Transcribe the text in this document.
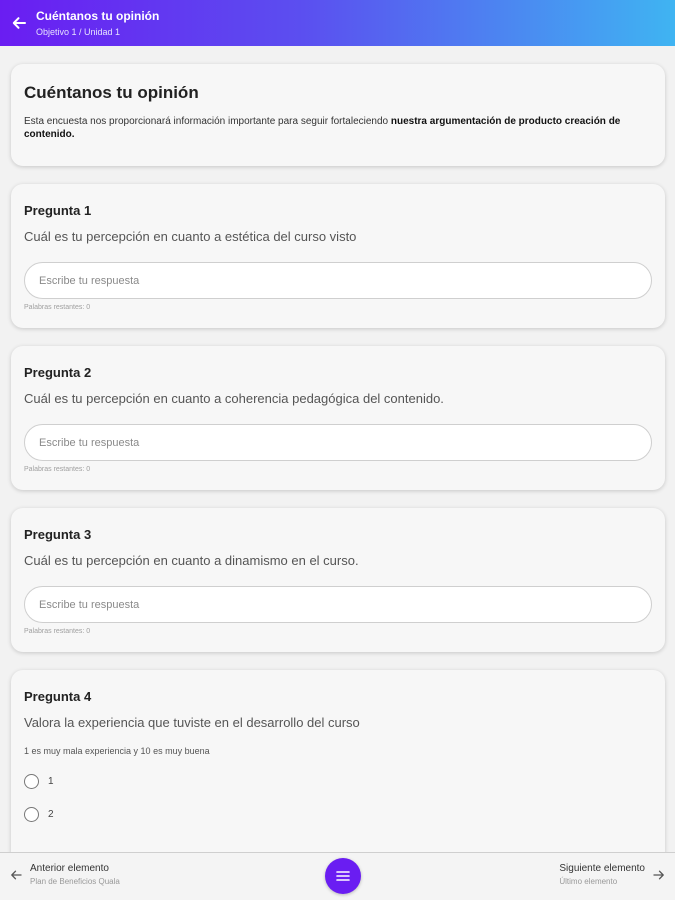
Cuéntanos tu opinión
Objetivo 1 / Unidad 1
Cuéntanos tu opinión

Esta encuesta nos proporcionará información importante para seguir fortaleciendo nuestra argumentación de producto creación de contenido.

Pregunta 1
Cuál es tu percepción en cuanto a estética del curso visto
Escribe tu respuesta
Palabras restantes: 0
Pregunta 2
Cuál es tu percepción en cuanto a coherencia pedagógica del contenido.
Escribe tu respuesta
Palabras restantes: 0
Pregunta 3
Cuál es tu percepción en cuanto a dinamismo en el curso.
Escribe tu respuesta
Palabras restantes: 0
Pregunta 4
Valora la experiencia que tuviste en el desarrollo del curso
1 es muy mala experiencia y 10 es muy buena
1
2
Anterior elemento
Plan de Beneficios Quala
Siguiente elemento
Último elemento
